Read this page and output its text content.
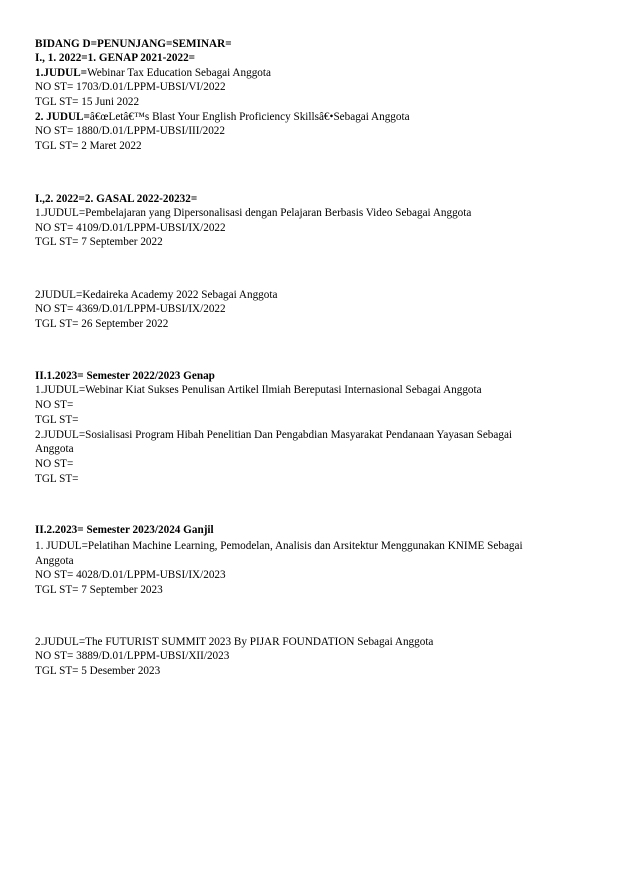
BIDANG D=PENUNJANG=SEMINAR=
I., 1. 2022=1. GENAP 2021-2022=
1.JUDUL=Webinar Tax Education Sebagai Anggota
NO ST= 1703/D.01/LPPM-UBSI/VI/2022
TGL ST= 15 Juni 2022
2. JUDUL=â€œLetâ€™s Blast Your English Proficiency Skillsâ€•Sebagai Anggota
NO ST= 1880/D.01/LPPM-UBSI/III/2022
TGL ST= 2 Maret 2022
I.,2. 2022=2. GASAL 2022-20232=
1.JUDUL=Pembelajaran yang Dipersonalisasi dengan Pelajaran Berbasis Video Sebagai Anggota
NO ST= 4109/D.01/LPPM-UBSI/IX/2022
TGL ST= 7 September 2022
2JUDUL=Kedaireka Academy 2022 Sebagai Anggota
NO ST= 4369/D.01/LPPM-UBSI/IX/2022
TGL ST= 26 September 2022
II.1.2023= Semester 2022/2023 Genap
1.JUDUL=Webinar Kiat Sukses Penulisan Artikel Ilmiah Bereputasi Internasional Sebagai Anggota
NO ST=
TGL ST=
2.JUDUL=Sosialisasi Program Hibah Penelitian Dan Pengabdian Masyarakat Pendanaan Yayasan Sebagai
Anggota
NO ST=
TGL ST=
II.2.2023= Semester 2023/2024 Ganjil
1. JUDUL=Pelatihan Machine Learning, Pemodelan, Analisis dan Arsitektur Menggunakan KNIME Sebagai
Anggota
NO ST= 4028/D.01/LPPM-UBSI/IX/2023
TGL ST= 7 September 2023
2.JUDUL=The FUTURIST SUMMIT 2023 By PIJAR FOUNDATION Sebagai Anggota
NO ST= 3889/D.01/LPPM-UBSI/XII/2023
TGL ST= 5 Desember 2023
